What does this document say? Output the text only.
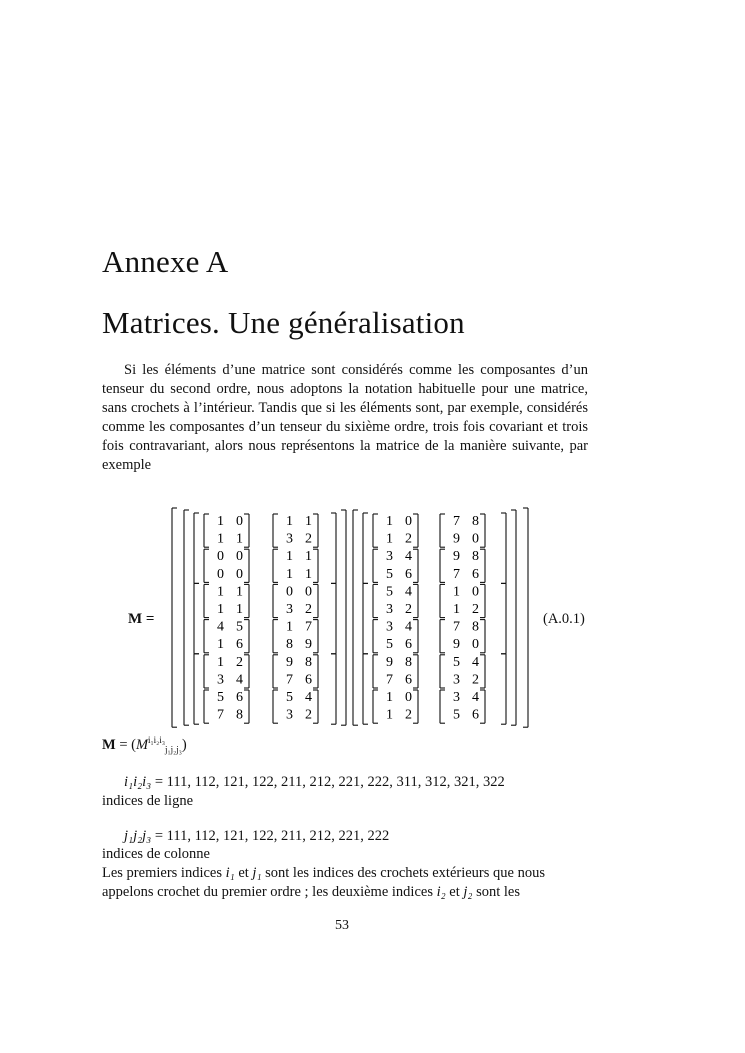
Annexe A
Matrices. Une généralisation

Si les éléments d’une matrice sont considérés comme les composantes d’un tenseur du second ordre, nous adoptons la notation habituelle pour une matrice, sans crochets à l’intérieur. Tandis que si les éléments sont, par exemple, considérés comme les composantes d’un tenseur du sixième ordre, trois fois covariant et trois fois contravariant, alors nous représentons la matrice de la manière suivante, par exemple

M =
1 0
1 1
0 0
0 0
1 1
1 1
4 5
1 6
1 2
3 4
5 6
7 8
1 1
3 2
1 1
1 1
0 0
3 2
1 7
8 9
9 8
7 6
5 4
3 2
1 0
1 2
3 4
5 6
5 4
3 2
3 4
5 6
9 8
7 6
1 0
1 2
7 8
9 0
9 8
7 6
1 0
1 2
7 8
9 0
5 4
3 2
3 4
5 6
(A.0.1)
$M = (M^{i_1i_2i_3}_{j_1j_2j_3})$
i₁i₂i₃ = 111, 112, 121, 122, 211, 212, 221, 222, 311, 312, 321, 322
indices de ligne
j₁j₂j₃ = 111, 112, 121, 122, 211, 212, 221, 222
indices de colonne
Les premiers indices i₁ et j₁ sont les indices des crochets extérieurs que nous
appelons crochet du premier ordre ; les deuxième indices i₂ et j₂ sont les
53
